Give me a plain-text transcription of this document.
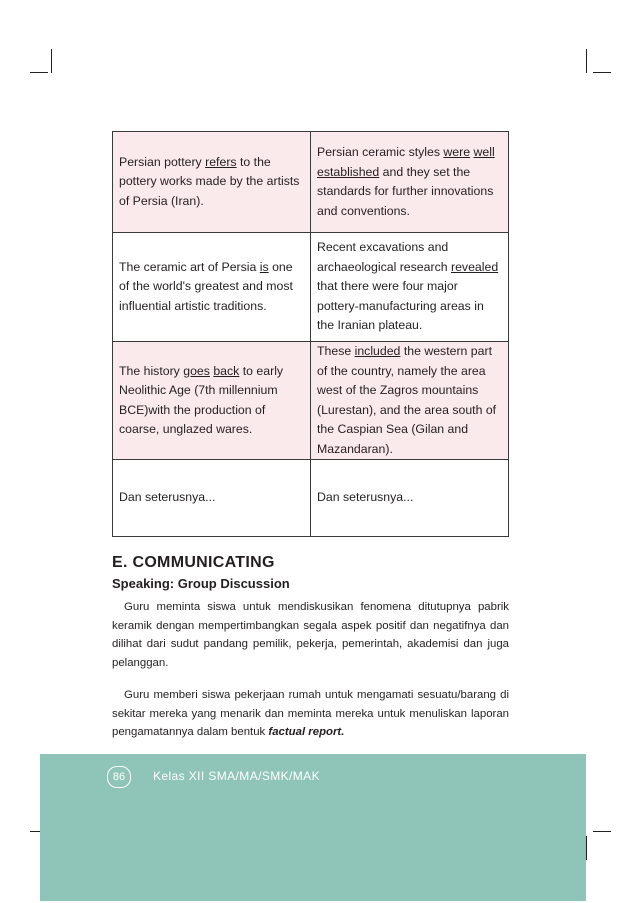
Persian pottery refers to the pottery works made by the artists of Persia (Iran).	Persian ceramic styles were well established and they set the standards for further innovations and conventions.
The ceramic art of Persia is one of the world's greatest and most influential artistic traditions.	Recent excavations and archaeological research revealed that there were four major pottery-manufacturing areas in the Iranian plateau.
The history goes back to early Neolithic Age (7th millennium BCE)with the production of coarse, unglazed wares.	These included the western part of the country, namely the area west of the Zagros mountains (Lurestan), and the area south of the Caspian Sea (Gilan and Mazandaran).
Dan seterusnya...	Dan seterusnya...
E. COMMUNICATING
Speaking: Group Discussion

Guru meminta siswa untuk mendiskusikan fenomena ditutupnya pabrik keramik dengan mempertimbangkan segala aspek positif dan negatifnya dan dilihat dari sudut pandang pemilik, pekerja, pemerintah, akademisi dan juga pelanggan.

Guru memberi siswa pekerjaan rumah untuk mengamati sesuatu/barang di sekitar mereka yang menarik dan meminta mereka untuk menuliskan laporan pengamatannya dalam bentuk factual report.

86	Kelas XII SMA/MA/SMK/MAK
